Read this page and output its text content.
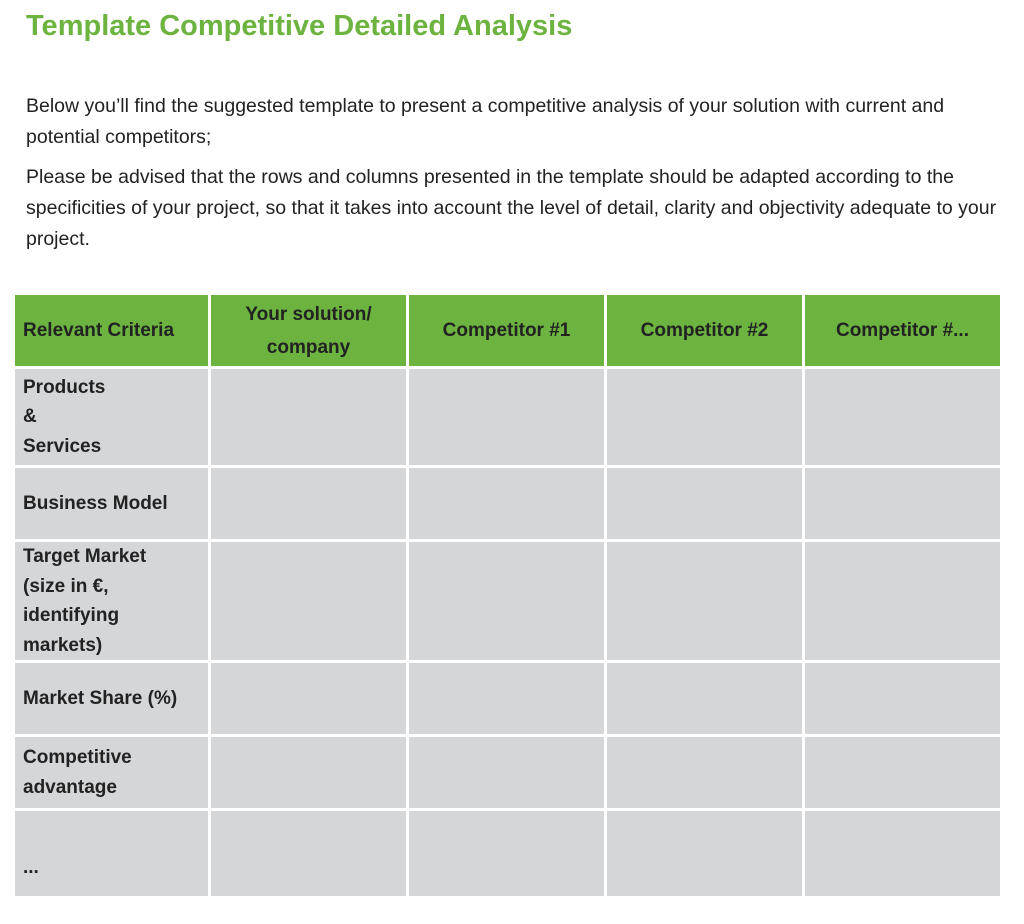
Template Competitive Detailed Analysis

Below you’ll find the suggested template to present a competitive analysis of your solution with current and potential competitors;

Please be advised that the rows and columns presented in the template should be adapted according to the specificities of your project, so that it takes into account the level of detail, clarity and objectivity adequate to your project.

Relevant Criteria	Your solution/ company	Competitor #1	Competitor #2	Competitor #...

Products
&
Services				

Business Model				

Target Market
(size in €,
identifying
markets)				

Market Share (%)				

Competitive
advantage				

...				
